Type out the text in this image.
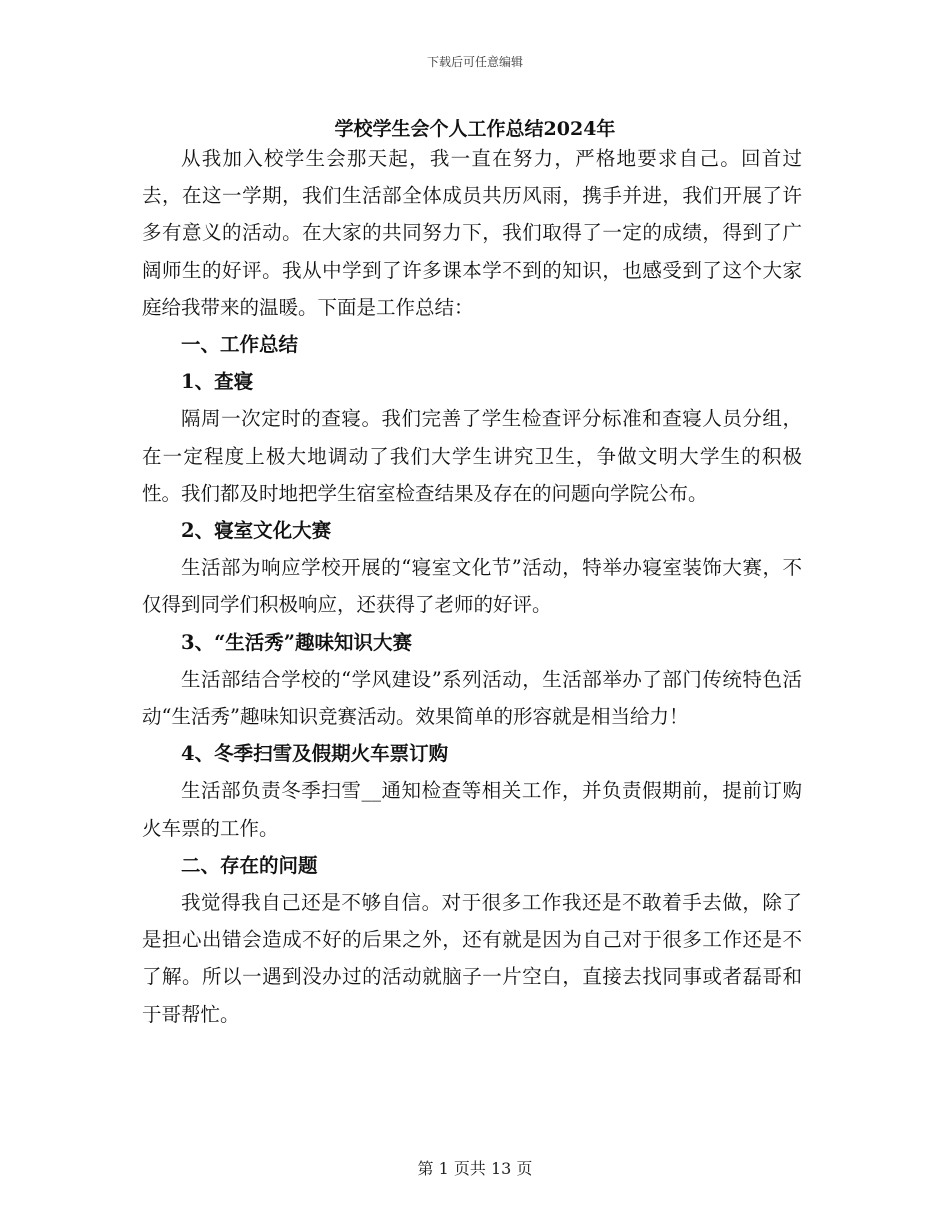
下载后可任意编辑
学校学生会个人工作总结2024年

从我加入校学生会那天起，我一直在努力，严格地要求自己。回首过去，在这一学期，我们生活部全体成员共历风雨，携手并进，我们开展了许多有意义的活动。在大家的共同努力下，我们取得了一定的成绩，得到了广阔师生的好评。我从中学到了许多课本学不到的知识，也感受到了这个大家庭给我带来的温暖。下面是工作总结：

一、工作总结
1、查寝

隔周一次定时的查寝。我们完善了学生检查评分标准和查寝人员分组，在一定程度上极大地调动了我们大学生讲究卫生，争做文明大学生的积极性。我们都及时地把学生宿室检查结果及存在的问题向学院公布。

2、寝室文化大赛

生活部为响应学校开展的“寝室文化节”活动，特举办寝室装饰大赛，不仅得到同学们积极响应，还获得了老师的好评。

3、“生活秀”趣味知识大赛

生活部结合学校的“学风建设”系列活动，生活部举办了部门传统特色活动“生活秀”趣味知识竞赛活动。效果简单的形容就是相当给力！

4、冬季扫雪及假期火车票订购

生活部负责冬季扫雪__通知检查等相关工作，并负责假期前，提前订购火车票的工作。

二、存在的问题

我觉得我自己还是不够自信。对于很多工作我还是不敢着手去做，除了是担心出错会造成不好的后果之外，还有就是因为自己对于很多工作还是不了解。所以一遇到没办过的活动就脑子一片空白，直接去找同事或者磊哥和于哥帮忙。

第 1 页共 13 页
